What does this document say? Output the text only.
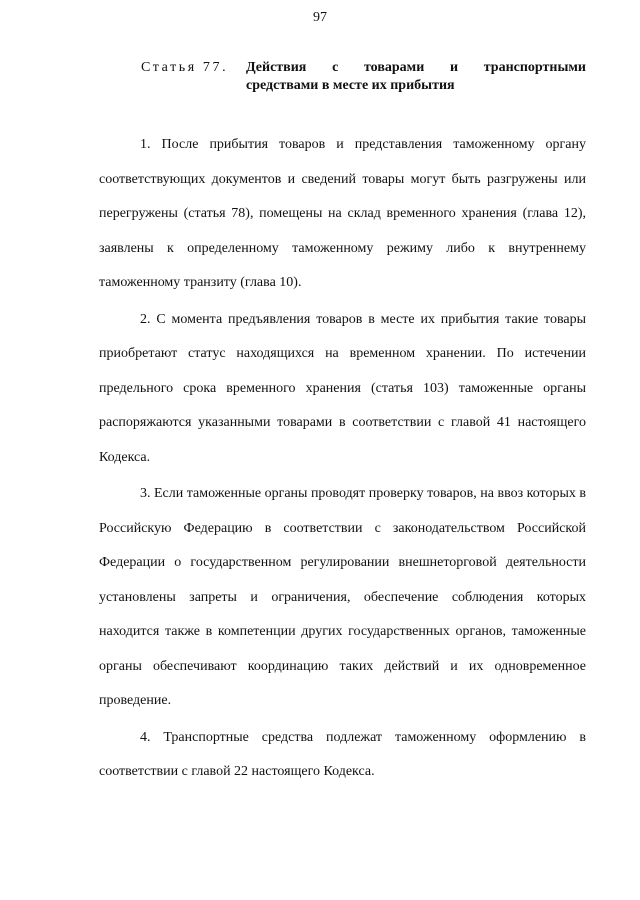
97
Статья 77. Действия с товарами и транспортными
средствами в месте их прибытия

1. После прибытия товаров и представления таможенному органу соответствующих документов и сведений товары могут быть разгружены или перегружены (статья 78), помещены на склад временного хранения (глава 12), заявлены к определенному таможенному режиму либо к внутреннему таможенному транзиту (глава 10).

2. С момента предъявления товаров в месте их прибытия такие товары приобретают статус находящихся на временном хранении. По истечении предельного срока временного хранения (статья 103) таможенные органы распоряжаются указанными товарами в соответствии с главой 41 настоящего Кодекса.

3. Если таможенные органы проводят проверку товаров, на ввоз которых в Российскую Федерацию в соответствии с законодательством Российской Федерации о государственном регулировании внешнеторговой деятельности установлены запреты и ограничения, обеспечение соблюдения которых находится также в компетенции других государственных органов, таможенные органы обеспечивают координацию таких действий и их одновременное проведение.

4. Транспортные средства подлежат таможенному оформлению в соответствии с главой 22 настоящего Кодекса.
